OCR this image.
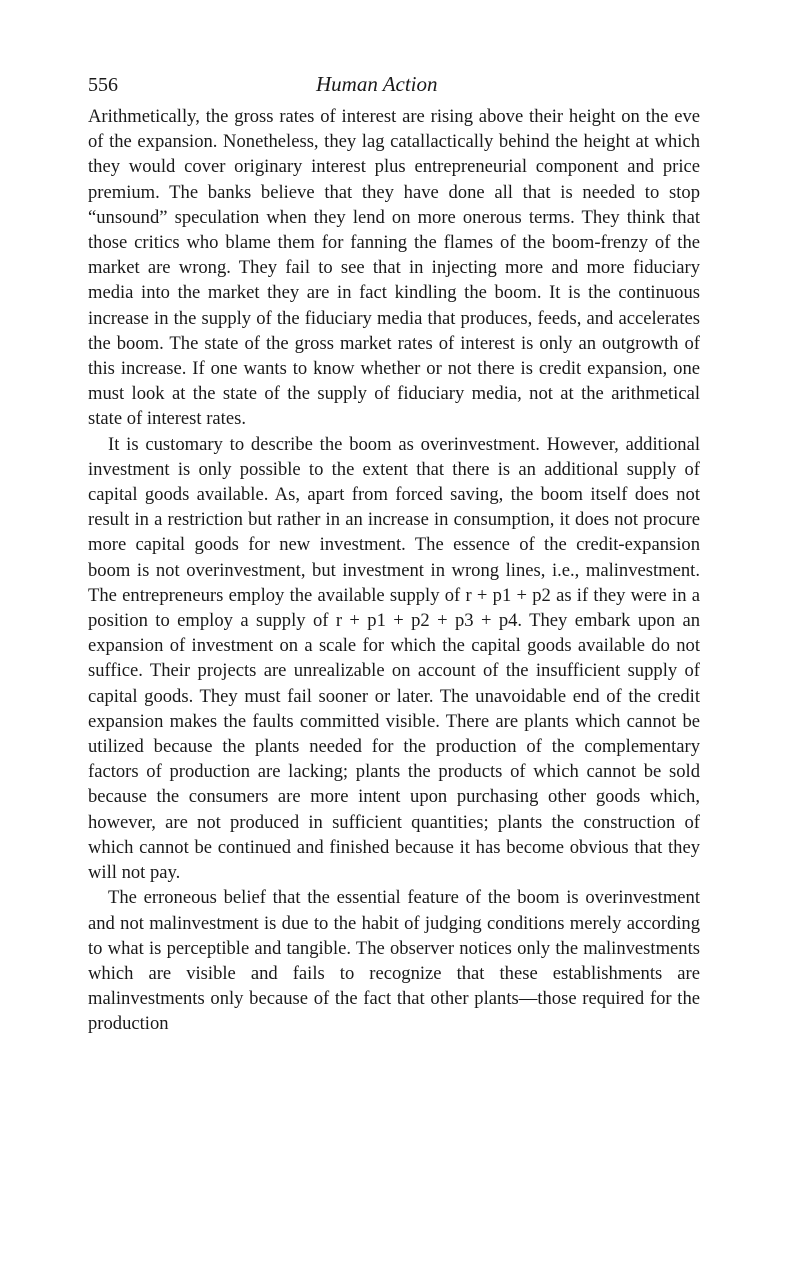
556	Human Action

Arithmetically, the gross rates of interest are rising above their height on the eve of the expansion. Nonetheless, they lag catallactically behind the height at which they would cover originary interest plus entrepreneurial component and price premium. The banks believe that they have done all that is needed to stop “unsound” speculation when they lend on more onerous terms. They think that those critics who blame them for fanning the flames of the boom-frenzy of the market are wrong. They fail to see that in injecting more and more fiduciary media into the market they are in fact kindling the boom. It is the continuous increase in the supply of the fiduciary media that produces, feeds, and accelerates the boom. The state of the gross market rates of interest is only an outgrowth of this increase. If one wants to know whether or not there is credit expansion, one must look at the state of the supply of fiduciary media, not at the arithmetical state of interest rates.

It is customary to describe the boom as overinvestment. However, additional investment is only possible to the extent that there is an additional supply of capital goods available. As, apart from forced saving, the boom itself does not result in a restriction but rather in an increase in consumption, it does not procure more capital goods for new investment. The essence of the credit-expansion boom is not overinvestment, but investment in wrong lines, i.e., malinvestment. The entrepreneurs employ the available supply of r + p1 + p2 as if they were in a position to employ a supply of r + p1 + p2 + p3 + p4. They embark upon an expansion of investment on a scale for which the capital goods available do not suffice. Their projects are unrealizable on account of the insufficient supply of capital goods. They must fail sooner or later. The unavoidable end of the credit expansion makes the faults committed visible. There are plants which cannot be utilized because the plants needed for the production of the complementary factors of production are lacking; plants the products of which cannot be sold because the consumers are more intent upon purchasing other goods which, however, are not produced in sufficient quantities; plants the construction of which cannot be continued and finished because it has become obvious that they will not pay.

The erroneous belief that the essential feature of the boom is overinvestment and not malinvestment is due to the habit of judging conditions merely according to what is perceptible and tangible. The observer notices only the malinvestments which are visible and fails to recognize that these establishments are malinvestments only because of the fact that other plants—those required for the production
